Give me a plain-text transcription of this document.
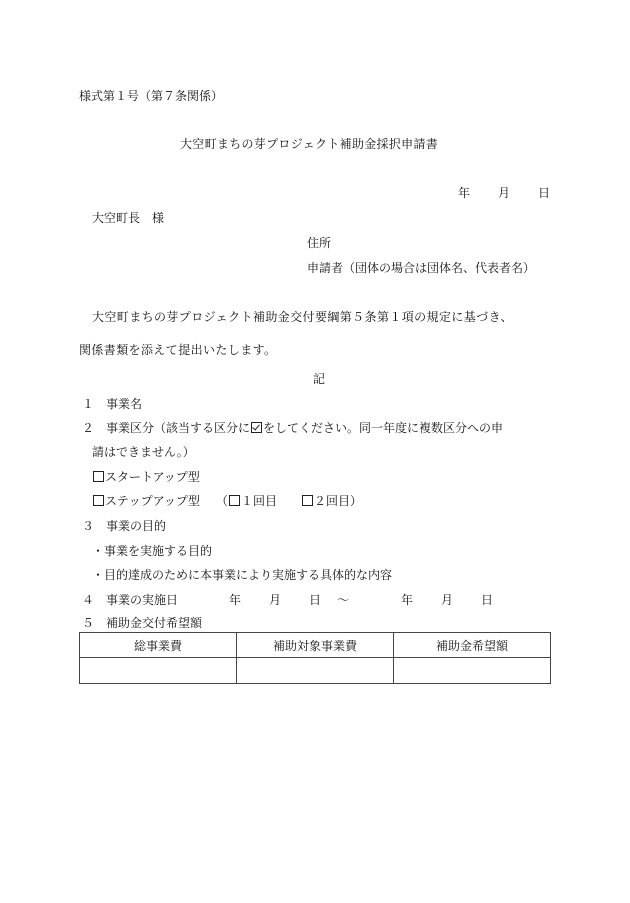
様式第１号（第７条関係）
大空町まちの芽プロジェクト補助金採択申請書
年 月 日
大空町長　様
住所
申請者（団体の場合は団体名、代表者名）
大空町まちの芽プロジェクト補助金交付要綱第５条第１項の規定に基づき、
関係書類を添えて提出いたします。
記
１ 事業名
２ 事業区分（該当する区分に をしてください。同一年度に複数区分への申
請はできません。）
スタートアップ型
ステップアップ型 （ １回目	２回目）
３ 事業の目的
・事業を実施する目的
・目的達成のために本事業により実施する具体的な内容
４ 事業の実施日	年 月 日 ～	年 月 日
５ 補助金交付希望額
総事業費	補助対象事業費	補助金希望額
